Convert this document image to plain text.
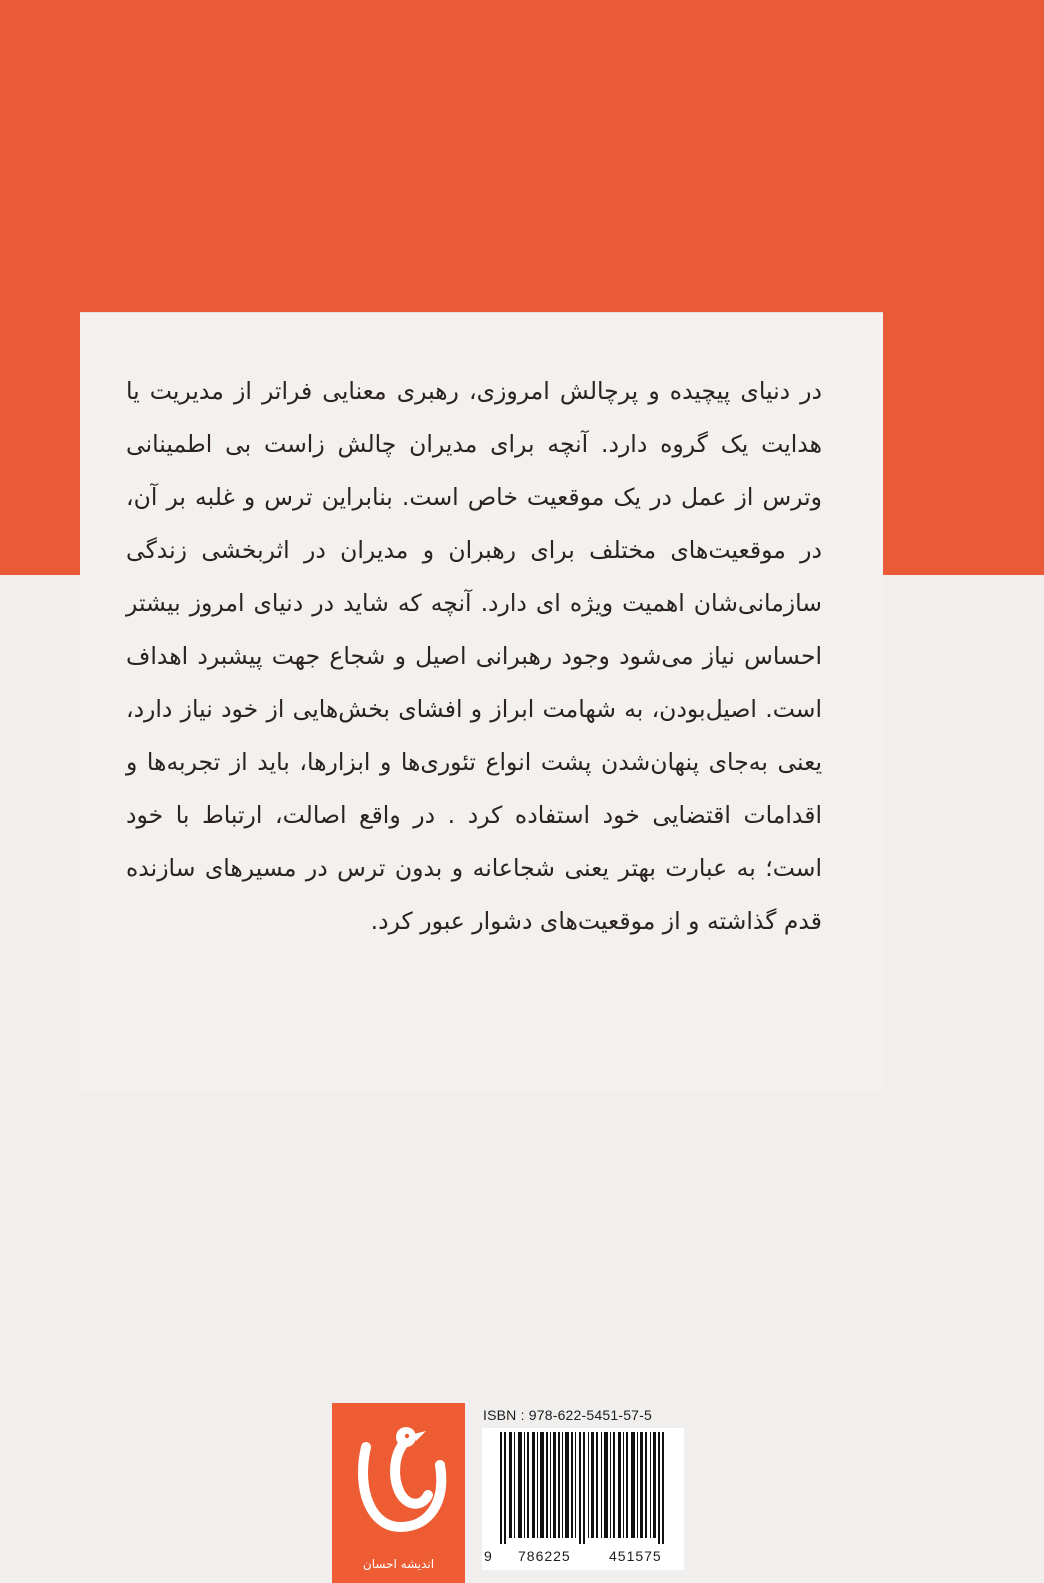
در دنیای پیچیده و پرچالش امروزی، رهبری معنایی فراتر از مدیریت یا هدایت یک گروه دارد. آنچه برای مدیران چالش زاست بی اطمینانی وترس از عمل در یک موقعیت خاص است. بنابراین ترس و غلبه بر آن، در موقعیت‌های مختلف برای رهبران و مدیران در اثربخشی زندگی سازمانی‌شان اهمیت ویژه ای دارد. آنچه که شاید در دنیای امروز بیشتر احساس نیاز می‌شود وجود رهبرانی اصیل و شجاع جهت پیشبرد اهداف است. اصیل‌بودن، به شهامت ابراز و افشای بخش‌هایی از خود نیاز دارد، یعنی به‌جای پنهان‌شدن پشت انواع تئوری‌ها و ابزارها، باید از تجربه‌ها و اقدامات اقتضایی خود استفاده کرد . در واقع اصالت، ارتباط با خود است؛ به عبارت بهتر یعنی شجاعانه و بدون ترس در مسیرهای سازنده قدم گذاشته و از موقعیت‌های دشوار عبور کرد.

اندیشه احسان
ISBN : 978-622-5451-57-5
9 786225	451575
